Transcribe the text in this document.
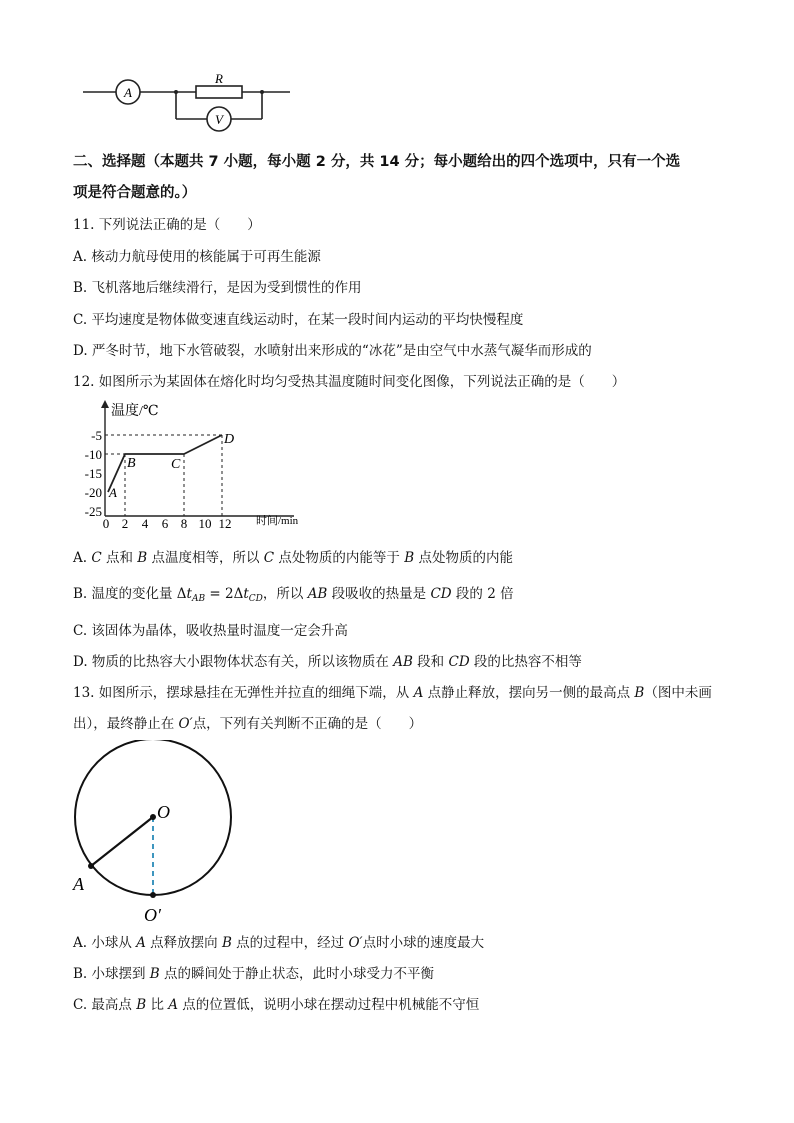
A
R
V
二、选择题（本题共 7 小题，每小题 2 分，共 14 分；每小题给出的四个选项中，只有一个选
项是符合题意的。）
11. 下列说法正确的是（　　）
A. 核动力航母使用的核能属于可再生能源
B. 飞机落地后继续滑行，是因为受到惯性的作用
C. 平均速度是物体做变速直线运动时，在某一段时间内运动的平均快慢程度
D. 严冬时节，地下水管破裂，水喷射出来形成的“冰花”是由空气中水蒸气凝华而形成的
12. 如图所示为某固体在熔化时均匀受热其温度随时间变化图像，下列说法正确的是（　　）
温度/℃
时间/min
-5
-10
-15
-20
-25
0 2 4 6 8 10 12
A
B	C
D
A. C 点和 B 点温度相等，所以 C 点处物质的内能等于 B 点处物质的内能
B. 温度的变化量 $\Delta t_{AB} = 2\Delta t_{CD}$，所以 AB 段吸收的热量是 CD 段的 2 倍
C. 该固体为晶体，吸收热量时温度一定会升高
D. 物质的比热容大小跟物体状态有关，所以该物质在 AB 段和 CD 段的比热容不相等
13. 如图所示，摆球悬挂在无弹性并拉直的细绳下端，从 A 点静止释放，摆向另一侧的最高点 B（图中未画
出），最终静止在 O′点，下列有关判断不正确的是（　　）
O
A
O′
A. 小球从 A 点释放摆向 B 点的过程中，经过 O′点时小球的速度最大
B. 小球摆到 B 点的瞬间处于静止状态，此时小球受力不平衡
C. 最高点 B 比 A 点的位置低，说明小球在摆动过程中机械能不守恒
